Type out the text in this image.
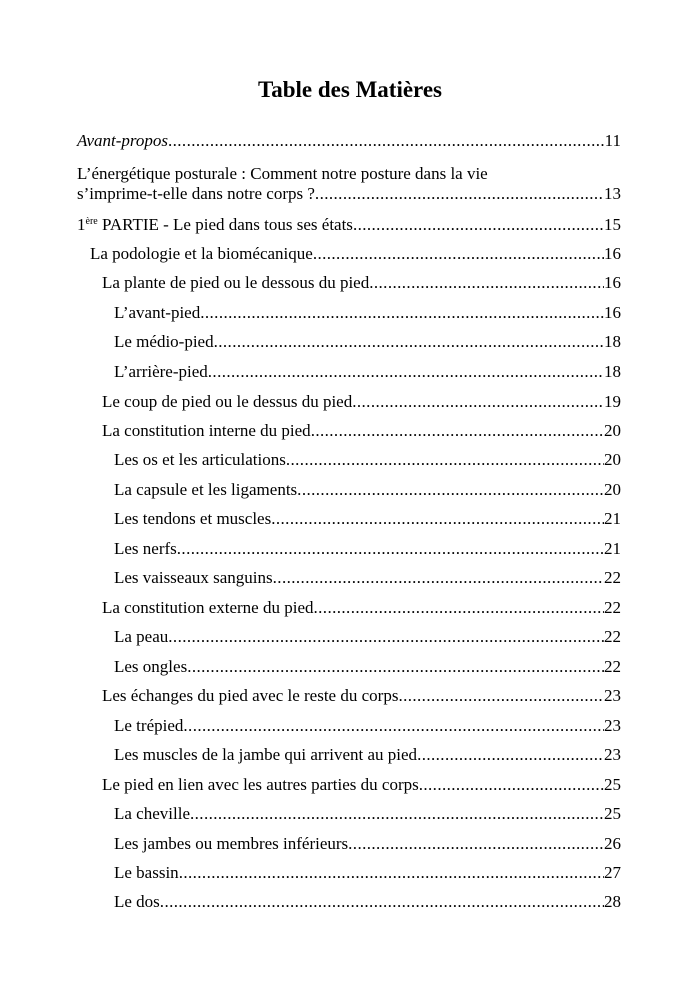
Table des Matières
Avant-propos .....	11
L’énergétique posturale : Comment notre posture dans la vie
s’imprime-t-elle dans notre corps ? .....	13
1ère PARTIE - Le pied dans tous ses états .....	15
La podologie et la biomécanique .....	16
La plante de pied ou le dessous du pied .....	16
L’avant-pied .....	16
Le médio-pied .....	18
L’arrière-pied .....	18
Le coup de pied ou le dessus du pied .....	19
La constitution interne du pied .....	20
Les os et les articulations .....	20
La capsule et les ligaments .....	20
Les tendons et muscles .....	21
Les nerfs .....	21
Les vaisseaux sanguins .....	22
La constitution externe du pied .....	22
La peau .....	22
Les ongles .....	22
Les échanges du pied avec le reste du corps .....	23
Le trépied .....	23
Les muscles de la jambe qui arrivent au pied .....	23
Le pied en lien avec les autres parties du corps .....	25
La cheville .....	25
Les jambes ou membres inférieurs .....	26
Le bassin .....	27
Le dos .....	28
